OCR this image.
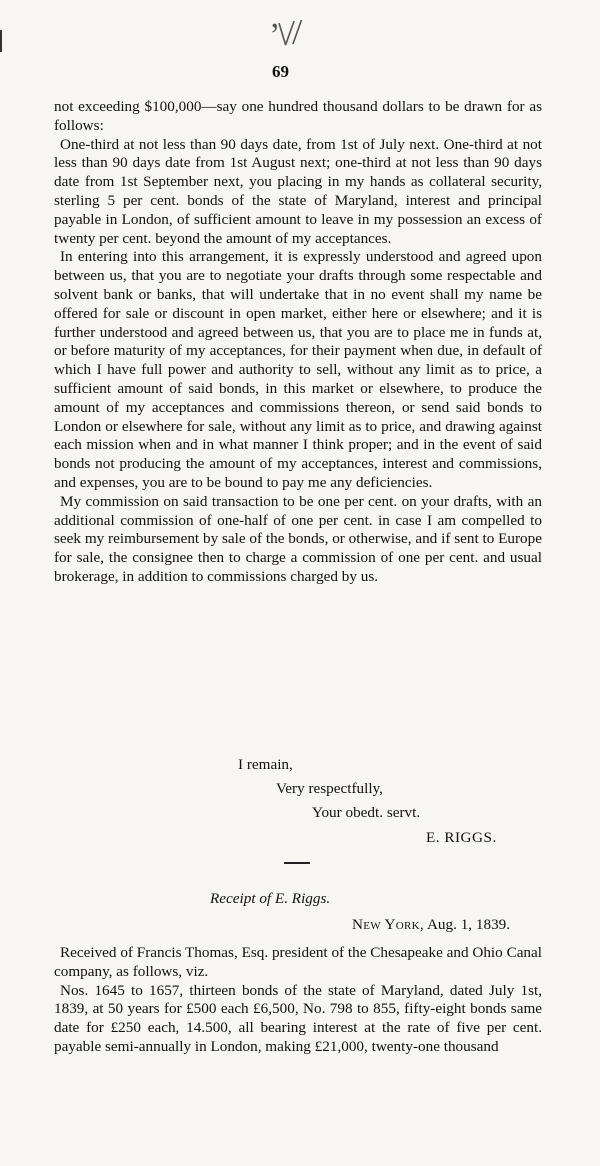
ʼ\//
69

not exceeding $100,000—say one hundred thousand dollars to be drawn for as follows:

One-third at not less than 90 days date, from 1st of July next. One-third at not less than 90 days date from 1st August next; one-third at not less than 90 days date from 1st September next, you placing in my hands as collateral security, sterling 5 per cent. bonds of the state of Maryland, interest and principal payable in London, of sufficient amount to leave in my possession an excess of twenty per cent. beyond the amount of my acceptances.

In entering into this arrangement, it is expressly understood and agreed upon between us, that you are to negotiate your drafts through some respectable and solvent bank or banks, that will undertake that in no event shall my name be offered for sale or discount in open market, either here or elsewhere; and it is further understood and agreed between us, that you are to place me in funds at, or before maturity of my acceptances, for their payment when due, in default of which I have full power and authority to sell, without any limit as to price, a sufficient amount of said bonds, in this market or elsewhere, to produce the amount of my acceptances and commissions thereon, or send said bonds to London or elsewhere for sale, without any limit as to price, and drawing against each mission when and in what manner I think proper; and in the event of said bonds not producing the amount of my acceptances, interest and commissions, and expenses, you are to be bound to pay me any deficiencies.

My commission on said transaction to be one per cent. on your drafts, with an additional commission of one-half of one per cent. in case I am compelled to seek my reimbursement by sale of the bonds, or otherwise, and if sent to Europe for sale, the consignee then to charge a commission of one per cent. and usual brokerage, in addition to commissions charged by us.

I remain,
Very respectfully,
Your obedt. servt.
E. RIGGS.
Receipt of E. Riggs.
New York, Aug. 1, 1839.

Received of Francis Thomas, Esq. president of the Chesapeake and Ohio Canal company, as follows, viz.

Nos. 1645 to 1657, thirteen bonds of the state of Maryland, dated July 1st, 1839, at 50 years for £500 each £6,500, No. 798 to 855, fifty-eight bonds same date for £250 each, 14.500, all bearing interest at the rate of five per cent. payable semi-annually in London, making £21,000, twenty-one thousand
